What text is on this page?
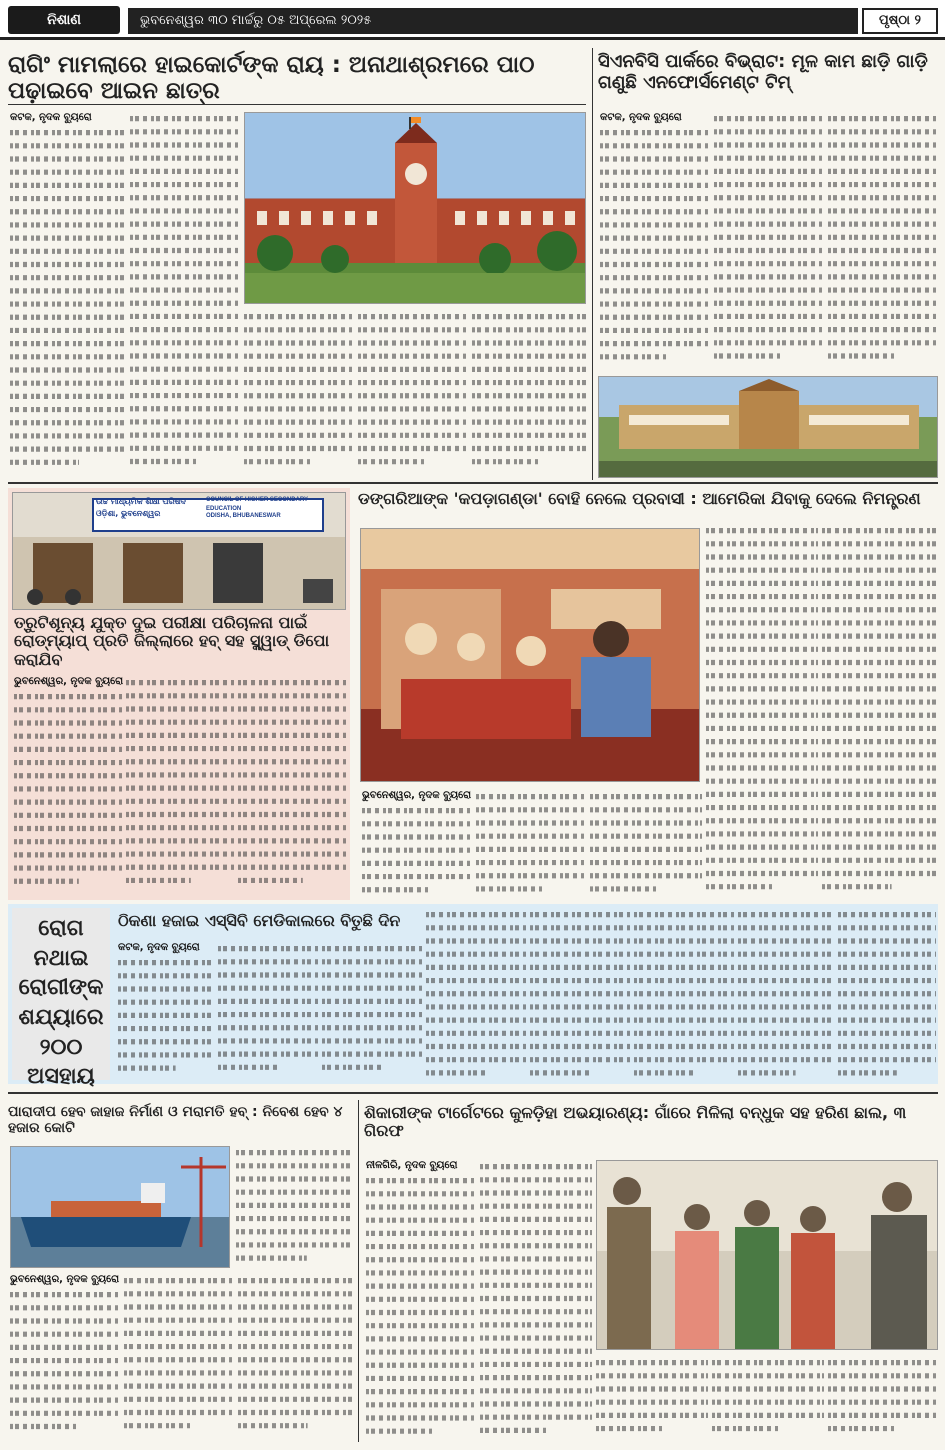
ନିଶାଣ	ଭୁବନେଶ୍ୱର ୩୦ ମାର୍ଚ୍ଚରୁ ୦୫ ଅପ୍ରେଲ ୨୦୨୫	ପୃଷ୍ଠା ୨
ରାଗିଂ ମାମଲାରେ ହାଇକୋର୍ଟଙ୍କ ରାୟ : ଅନାଥାଶ୍ରମରେ ପାଠ ପଢ଼ାଇବେ ଆଇନ ଛାତ୍ର
କଟକ, ନୃଦକ ବ୍ୟୁରୋ
ସିଏନବିସି ପାର୍କରେ ବିଭ୍ରାଟ: ମୂଳ କାମ ଛାଡ଼ି ଗାଡ଼ି ଗଣୁଛି ଏନଫୋର୍ସମେଣ୍ଟ ଟିମ୍
କଟକ, ନୃଦକ ବ୍ୟୁରୋ
ଉଚ୍ଚ ମାଧ୍ୟମିକ ଶିକ୍ଷା ପରିଷଦ
ଓଡ଼ିଶା, ଭୁବନେଶ୍ୱର
COUNCIL OF HIGHER SECONDARY EDUCATION
ODISHA, BHUBANESWAR
ତ୍ରୁଟିଶୂନ୍ୟ ଯୁକ୍ତ ଦୁଇ ପରୀକ୍ଷା ପରିଚାଳନା ପାଇଁ ରୋଡ୍‌ମ୍ୟାପ୍ ପ୍ରତି ଜିଲ୍ଲାରେ ହବ୍ ସହ ସ୍କ୍ୱାଡ୍ ଡିପୋ କରାଯିବ
ଭୁବନେଶ୍ୱର, ନୃଦକ ବ୍ୟୁରୋ
ଡଙ୍ଗରିଆଙ୍କ 'କପଡ଼ାଗଣ୍ଡା' ବୋହି ନେଲେ ପ୍ରବାସୀ : ଆମେରିକା ଯିବାକୁ ଦେଲେ ନିମନ୍ତ୍ରଣ
ଭୁବନେଶ୍ୱର, ନୃଦକ ବ୍ୟୁରୋ
ରୋଗ ନଥାଇ ରୋଗୀଙ୍କ ଶଯ୍ୟାରେ ୨୦୦ ଅସହାୟ
ଠିକଣା ହଜାଇ ଏସ୍‌ସିବି ମେଡିକାଲରେ ବିତୁଛି ଦିନ
କଟକ, ନୃଦକ ବ୍ୟୁରୋ
ପାରାଦୀପ ହେବ ଜାହାଜ ନିର୍ମାଣ ଓ ମରାମତି ହବ୍ : ନିବେଶ ହେବ ୪ ହଜାର କୋଟି
ଭୁବନେଶ୍ୱର, ନୃଦକ ବ୍ୟୁରୋ
ଶିକାରୀଙ୍କ ଟାର୍ଗେଟରେ କୁଳଡ଼ିହା ଅଭୟାରଣ୍ୟ: ଗାଁରେ ମିଳିଲା ବନ୍ଧୁକ ସହ ହରିଣ ଛାଲ, ୩ ଗିରଫ
ନୀଳଗିରି, ନୃଦକ ବ୍ୟୁରୋ
